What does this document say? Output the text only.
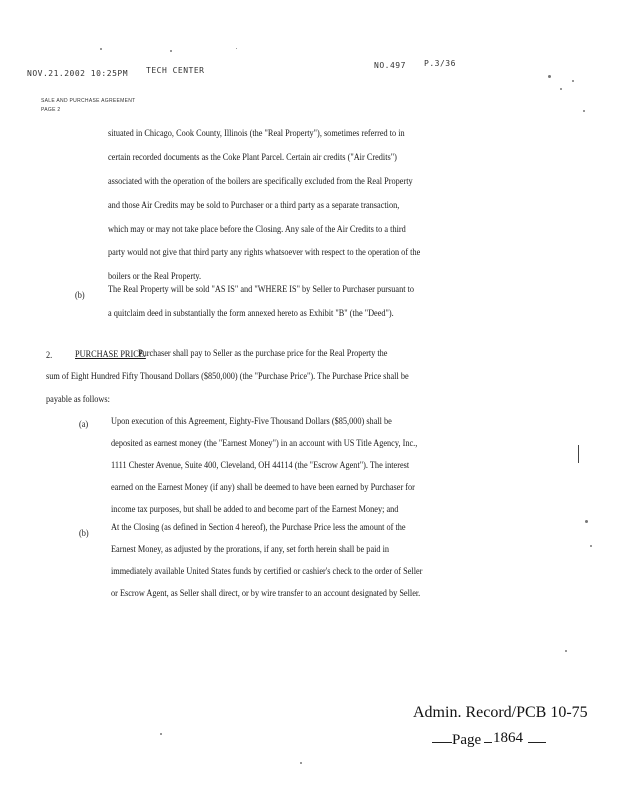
NOV.21.2002 10:25PM TECH CENTER
NO.497 P.3/36
SALE AND PURCHASE AGREEMENT
PAGE 2
situated in Chicago, Cook County, Illinois (the "Real Property"), sometimes referred to in
certain recorded documents as the Coke Plant Parcel. Certain air credits ("Air Credits")
associated with the operation of the boilers are specifically excluded from the Real Property
and those Air Credits may be sold to Purchaser or a third party as a separate transaction,
which may or may not take place before the Closing. Any sale of the Air Credits to a third
party would not give that third party any rights whatsoever with respect to the operation of the
boilers or the Real Property.
(b)
The Real Property will be sold "AS IS" and "WHERE IS" by Seller to Purchaser pursuant to
a quitclaim deed in substantially the form annexed hereto as Exhibit "B" (the "Deed").
2.	PURCHASE PRICE.
Purchaser shall pay to Seller as the purchase price for the Real Property the
sum of Eight Hundred Fifty Thousand Dollars ($850,000) (the "Purchase Price"). The Purchase Price shall be
payable as follows:
(a)	Upon execution of this Agreement, Eighty-Five Thousand Dollars ($85,000) shall be
deposited as earnest money (the "Earnest Money") in an account with US Title Agency, Inc.,
1111 Chester Avenue, Suite 400, Cleveland, OH 44114 (the "Escrow Agent"). The interest
earned on the Earnest Money (if any) shall be deemed to have been earned by Purchaser for
income tax purposes, but shall be added to and become part of the Earnest Money; and
(b)
At the Closing (as defined in Section 4 hereof), the Purchase Price less the amount of the
Earnest Money, as adjusted by the prorations, if any, set forth herein shall be paid in
immediately available United States funds by certified or cashier's check to the order of Seller
or Escrow Agent, as Seller shall direct, or by wire transfer to an account designated by Seller.
Admin. Record/PCB 10-75
Page 1864
